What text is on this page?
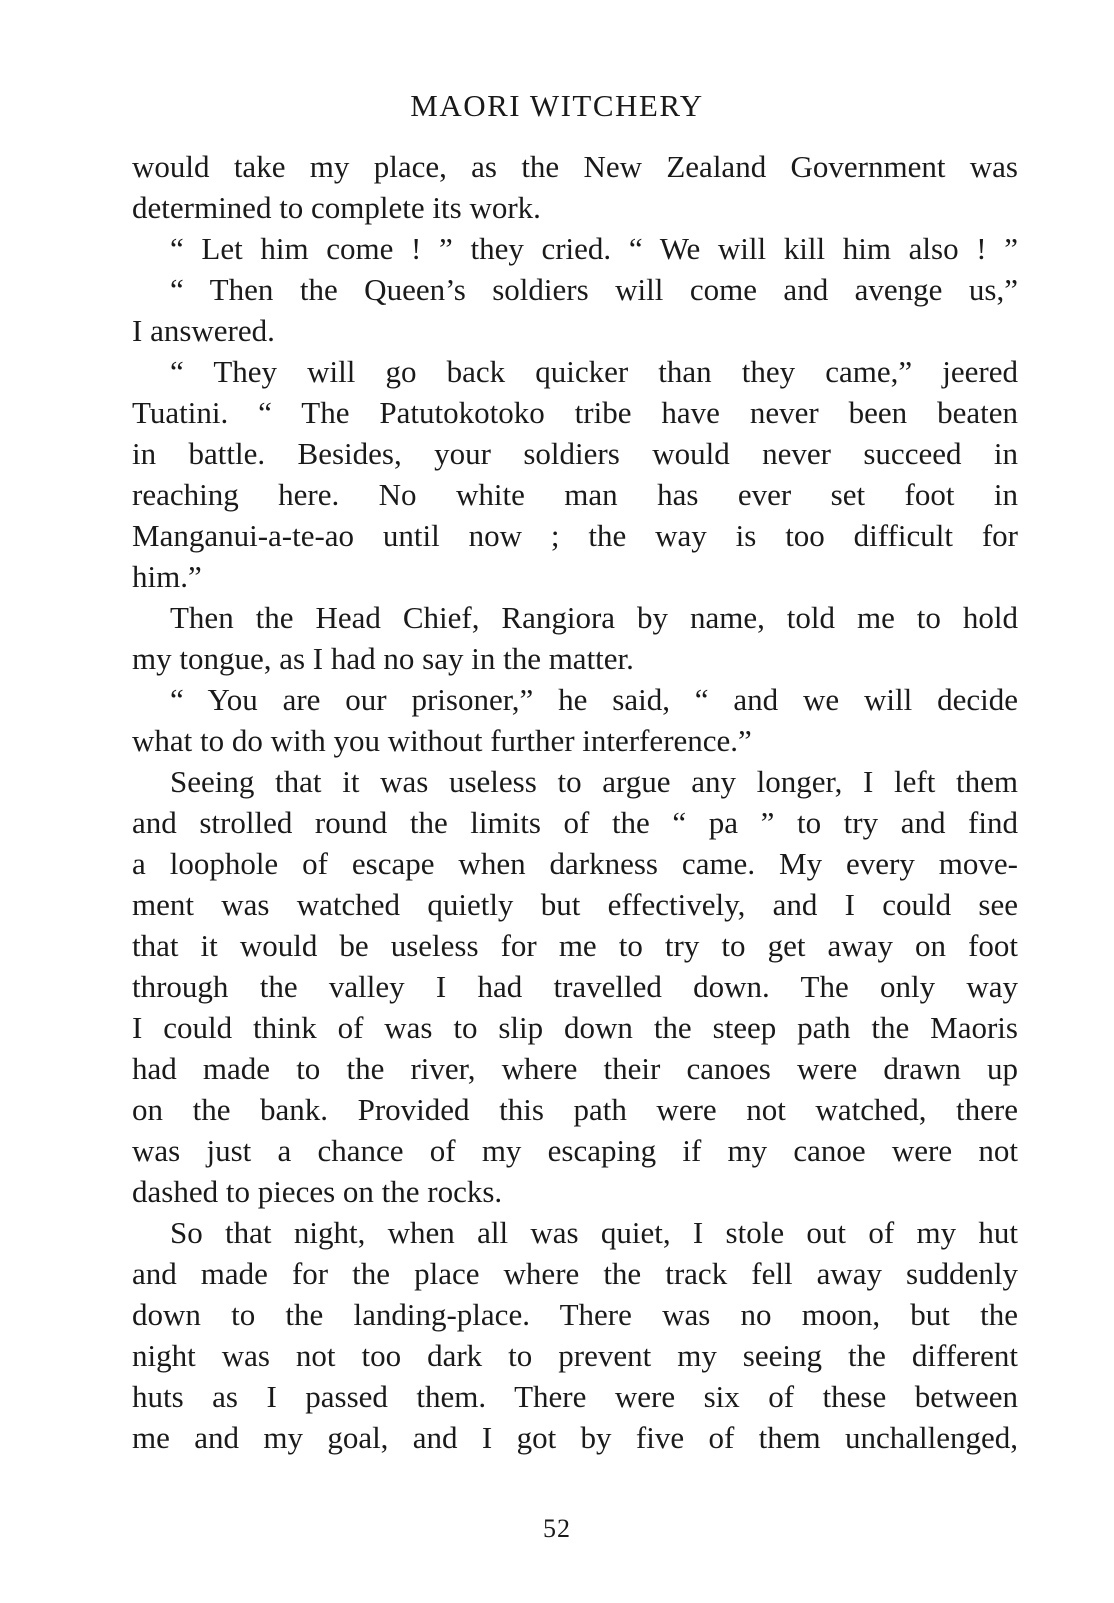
MAORI WITCHERY
would take my place, as the New Zealand Government was
determined to complete its work.
“ Let him come ! ” they cried. “ We will kill him also ! ”
“ Then the Queen’s soldiers will come and avenge us,”
I answered.
“ They will go back quicker than they came,” jeered
Tuatini. “ The Patutokotoko tribe have never been beaten
in battle. Besides, your soldiers would never succeed in
reaching here. No white man has ever set foot in
Manganui-a-te-ao until now ; the way is too difficult for
him.”
Then the Head Chief, Rangiora by name, told me to hold
my tongue, as I had no say in the matter.
“ You are our prisoner,” he said, “ and we will decide
what to do with you without further interference.”
Seeing that it was useless to argue any longer, I left them
and strolled round the limits of the “ pa ” to try and find
a loophole of escape when darkness came. My every move-
ment was watched quietly but effectively, and I could see
that it would be useless for me to try to get away on foot
through the valley I had travelled down. The only way
I could think of was to slip down the steep path the Maoris
had made to the river, where their canoes were drawn up
on the bank. Provided this path were not watched, there
was just a chance of my escaping if my canoe were not
dashed to pieces on the rocks.
So that night, when all was quiet, I stole out of my hut
and made for the place where the track fell away suddenly
down to the landing-place. There was no moon, but the
night was not too dark to prevent my seeing the different
huts as I passed them. There were six of these between
me and my goal, and I got by five of them unchallenged,
52
